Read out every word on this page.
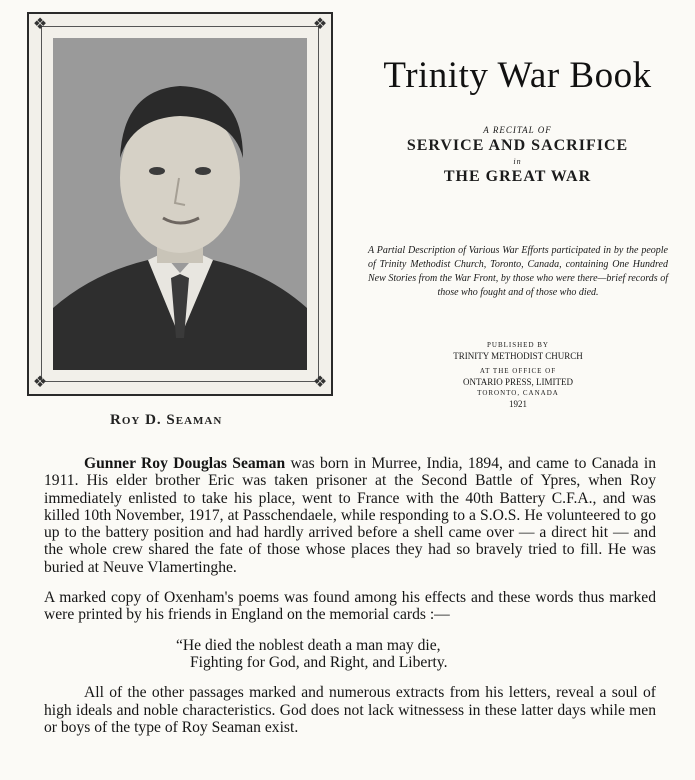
❖	❖
❖	❖
Roy D. Seaman
Trinity War Book
A RECITAL OF
SERVICE AND SACRIFICE
in
THE GREAT WAR
A Partial Description of Various War Efforts participated in by the people of Trinity Methodist Church, Toronto, Canada, containing One Hundred New Stories from the War Front, by those who were there—brief records of those who fought and of those who died.
PUBLISHED BY
TRINITY METHODIST CHURCH
AT THE OFFICE OF
ONTARIO PRESS, LIMITED
TORONTO, CANADA
1921

Gunner Roy Douglas Seaman was born in Murree, India, 1894, and came to Canada in 1911. His elder brother Eric was taken prisoner at the Second Battle of Ypres, when Roy immediately enlisted to take his place, went to France with the 40th Battery C.F.A., and was killed 10th November, 1917, at Passchendaele, while responding to a S.O.S. He volunteered to go up to the battery position and had hardly arrived before a shell came over — a direct hit — and the whole crew shared the fate of those whose places they had so bravely tried to fill. He was buried at Neuve Vlamertinghe.

A marked copy of Oxenham's poems was found among his effects and these words thus marked were printed by his friends in England on the memorial cards :—

“He died the noblest death a man may die,
Fighting for God, and Right, and Liberty.

All of the other passages marked and numerous extracts from his letters, reveal a soul of high ideals and noble characteristics. God does not lack witnessess in these latter days while men or boys of the type of Roy Seaman exist.
